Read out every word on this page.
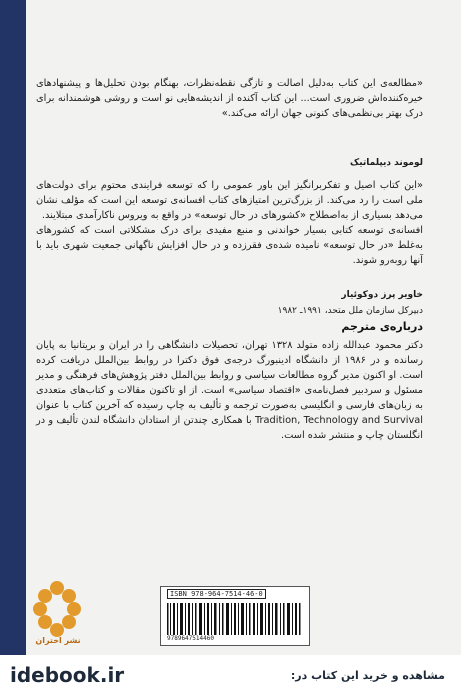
«مطالعه‌ی این کتاب به‌دلیل اصالت و تازگی نقطه‌نظرات، بهنگام بودن تحلیل‌ها و پیشنهادهای خیره‌کننده‌اش ضروری است... این کتاب آکنده از اندیشه‌هایی نو است و روشی هوشمندانه برای درک بهتر بی‌نظمی‌های کنونی جهان ارائه می‌کند.»

لوموند دیپلماتیک

«این کتاب اصیل و تفکربرانگیز این باور عمومی را که توسعه فرایندی محتوم برای دولت‌های ملی است را رد می‌کند. از بزرگ‌ترین امتیازهای کتاب افسانه‌ی توسعه این است که مؤلف نشان می‌دهد بسیاری از به‌اصطلاح «کشورهای در حال توسعه» در واقع به ویروس ناکارآمدی مبتلایند.

افسانه‌ی توسعه کتابی بسیار خواندنی و منبع مفیدی برای درک مشکلاتی است که کشورهای به‌غلط «در حال توسعه» نامیده شده‌ی فقرزده و در حال افزایش ناگهانی جمعیت شهری باید با آنها روبه‌رو شوند.

خاویر پرز دوکوئیار
دبیرکل سازمان ملل متحد، ۱۹۹۱ـ ۱۹۸۲
درباره‌ی مترجم

دکتر محمود عبدالله زاده متولد ۱۳۲۸ تهران، تحصیلات دانشگاهی را در ایران و بریتانیا به پایان رسانده و در ۱۹۸۶ از دانشگاه ادینبورگ درجه‌ی فوق دکترا در روابط بین‌الملل دریافت کرده است. او اکنون مدیر گروه مطالعات سیاسی و روابط بین‌الملل دفتر پژوهش‌های فرهنگی و مدیر مسئول و سردبیر فصل‌نامه‌ی «اقتصاد سیاسی» است. از او تاکنون مقالات و کتاب‌های متعددی به زبان‌های فارسی و انگلیسی به‌صورت ترجمه و تألیف به چاپ رسیده که آخرین کتاب با عنوان Tradition, Technology and Survival با همکاری چندتن از استادان دانشگاه لندن تألیف و در انگلستان چاپ و منتشر شده است.

نشر اختران
ISBN 978-964-7514-46-0
9789647514460
idebook.ir	مشاهده و خرید این کتاب در:
